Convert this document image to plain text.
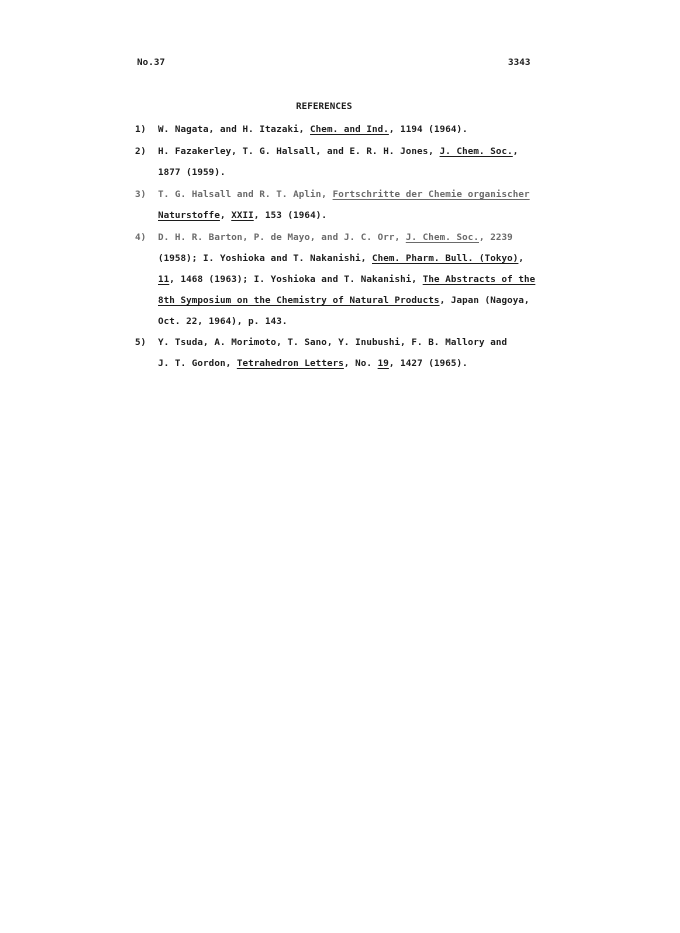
No.37	3343
REFERENCES
1)	W. Nagata, and H. Itazaki, Chem. and Ind., 1194 (1964).
2)	H. Fazakerley, T. G. Halsall, and E. R. H. Jones, J. Chem. Soc.,
1877 (1959).
3)	T. G. Halsall and R. T. Aplin, Fortschritte der Chemie organischer
Naturstoffe, XXII, 153 (1964).
4)	D. H. R. Barton, P. de Mayo, and J. C. Orr, J. Chem. Soc., 2239
(1958); I. Yoshioka and T. Nakanishi, Chem. Pharm. Bull. (Tokyo),
11, 1468 (1963); I. Yoshioka and T. Nakanishi, The Abstracts of the
8th Symposium on the Chemistry of Natural Products, Japan (Nagoya,
Oct. 22, 1964), p. 143.
5)	Y. Tsuda, A. Morimoto, T. Sano, Y. Inubushi, F. B. Mallory and
J. T. Gordon, Tetrahedron Letters, No. 19, 1427 (1965).
